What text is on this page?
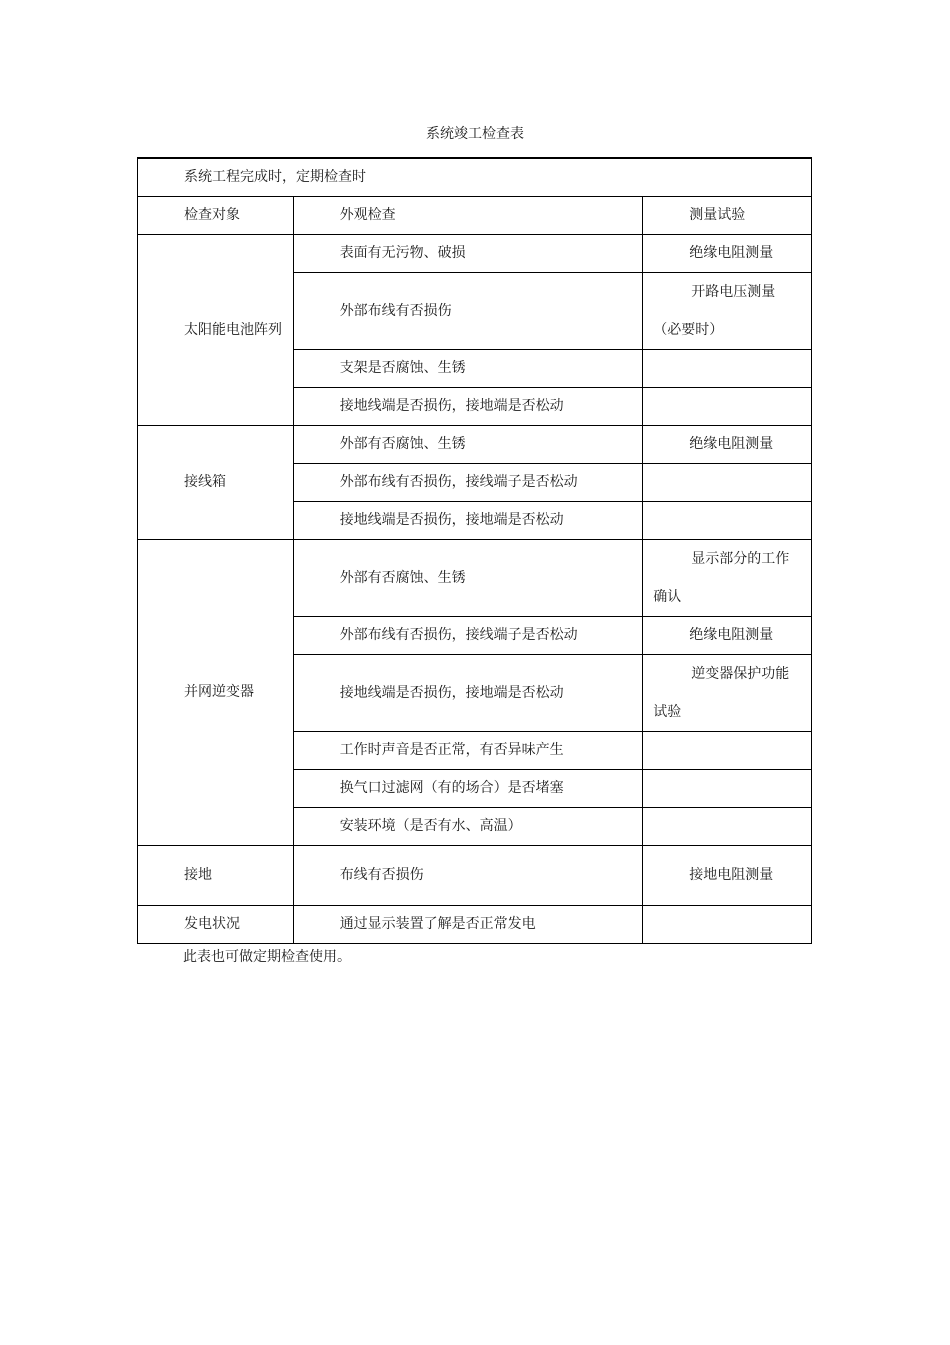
系统竣工检查表
系统工程完成时，定期检查时		

检查对象	外观检查	测量试验

太阳能电池阵列	表面有无污物、破损	绝缘电阻测量

	外部布线有否损伤	开路电压测量（必要时）

	支架是否腐蚀、生锈	

	接地线端是否损伤，接地端是否松动	

接线箱	外部有否腐蚀、生锈	绝缘电阻测量

	外部布线有否损伤，接线端子是否松动	

	接地线端是否损伤，接地端是否松动	

并网逆变器	外部有否腐蚀、生锈	显示部分的工作确认

	外部布线有否损伤，接线端子是否松动	绝缘电阻测量

	接地线端是否损伤，接地端是否松动	逆变器保护功能试验

	工作时声音是否正常，有否异味产生	

	换气口过滤网（有的场合）是否堵塞	

	安装环境（是否有水、高温）	

接地	布线有否损伤	接地电阻测量

发电状况	通过显示装置了解是否正常发电	

此表也可做定期检查使用。
